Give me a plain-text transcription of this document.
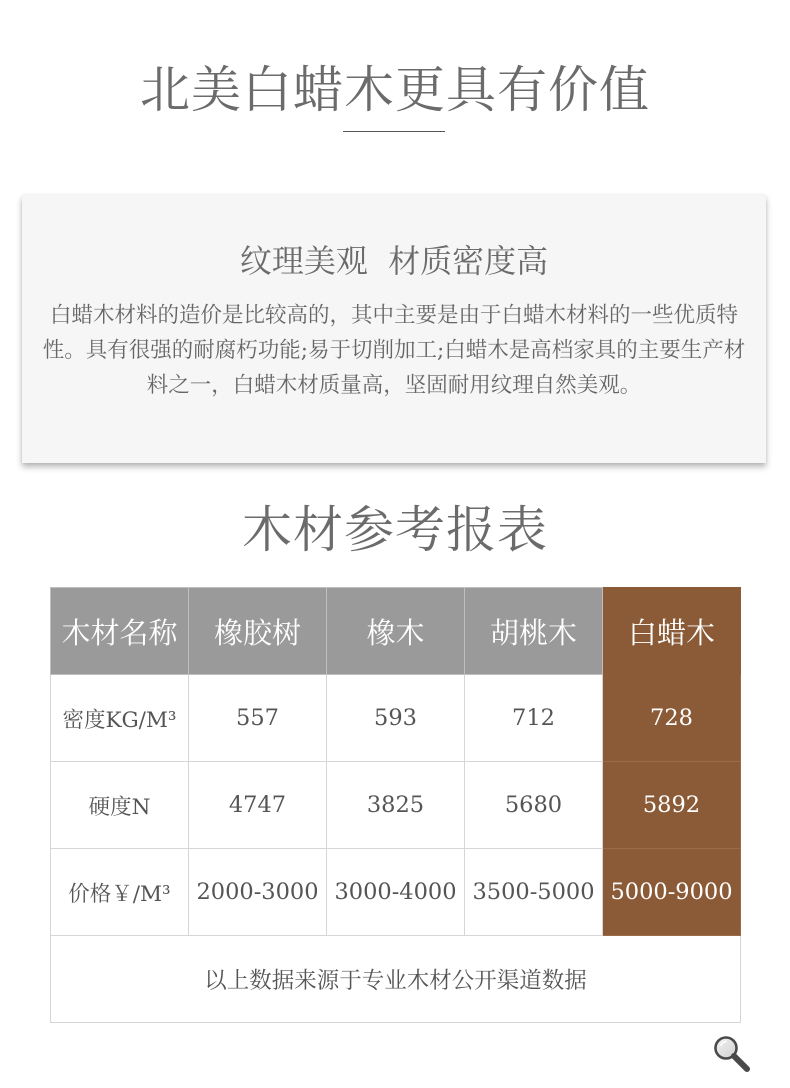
北美白蜡木更具有价值
纹理美观  材质密度高
白蜡木材料的造价是比较高的，其中主要是由于白蜡木材料的一些优质特性。具有很强的耐腐朽功能;易于切削加工;白蜡木是高档家具的主要生产材料之一，白蜡木材质量高，坚固耐用纹理自然美观。
木材参考报表
木材名称	橡胶树	橡木	胡桃木	白蜡木
密度KG/M³	557	593	712	728
硬度N	4747	3825	5680	5892
价格￥/M³	2000-3000	3000-4000	3500-5000	5000-9000
以上数据来源于专业木材公开渠道数据				
